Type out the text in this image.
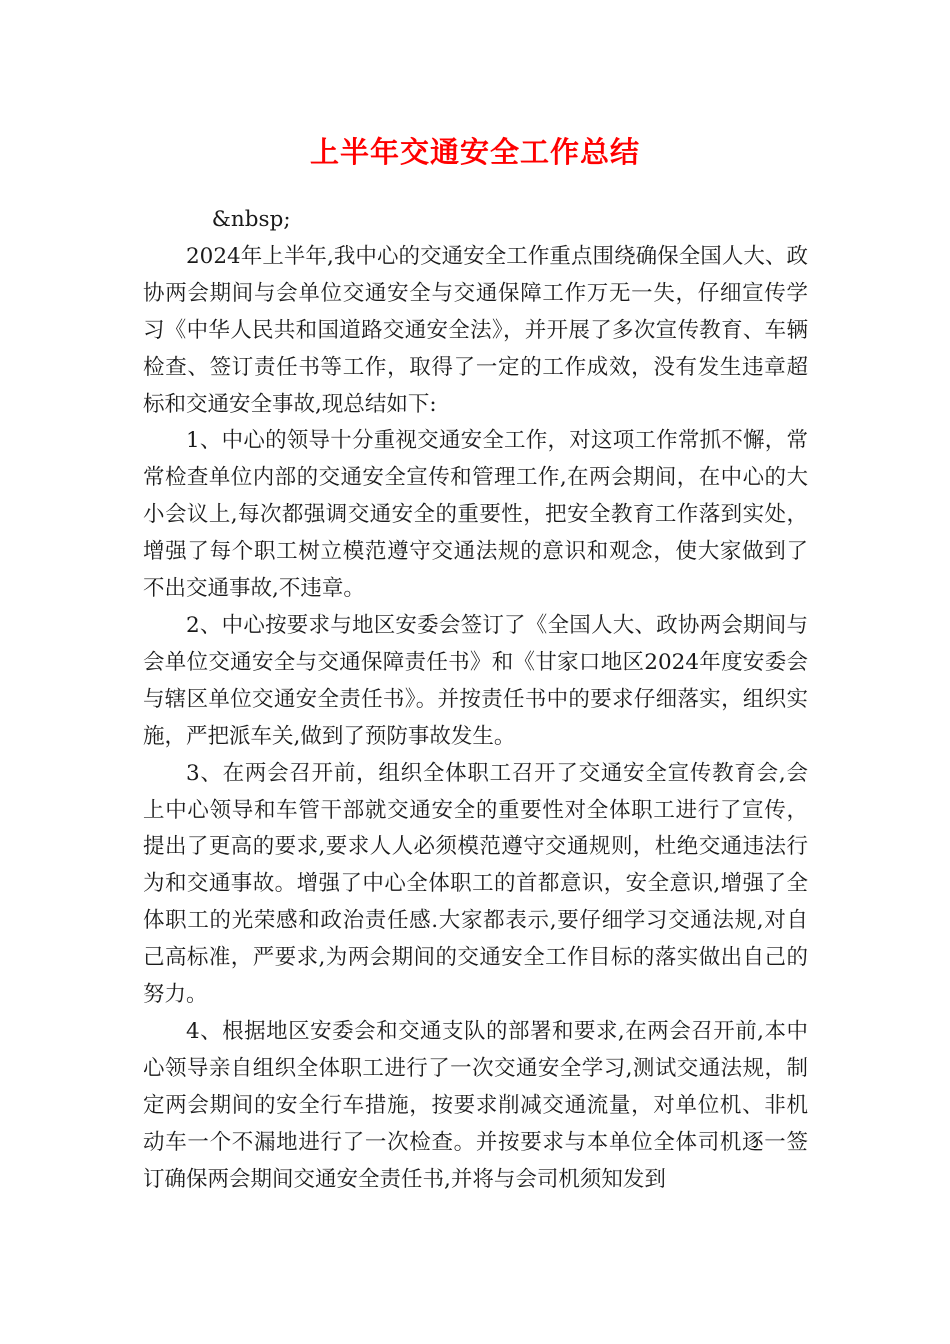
上半年交通安全工作总结

&nbsp;

2024年上半年,我中心的交通安全工作重点围绕确保全国人大、政协两会期间与会单位交通安全与交通保障工作万无一失，仔细宣传学习《中华人民共和国道路交通安全法》，并开展了多次宣传教育、车辆检查、签订责任书等工作，取得了一定的工作成效，没有发生违章超标和交通安全事故,现总结如下:

1、中心的领导十分重视交通安全工作，对这项工作常抓不懈，常常检查单位内部的交通安全宣传和管理工作,在两会期间，在中心的大小会议上,每次都强调交通安全的重要性，把安全教育工作落到实处，增强了每个职工树立模范遵守交通法规的意识和观念，使大家做到了不出交通事故,不违章。

2、中心按要求与地区安委会签订了《全国人大、政协两会期间与会单位交通安全与交通保障责任书》和《甘家口地区2024年度安委会与辖区单位交通安全责任书》。并按责任书中的要求仔细落实，组织实施，严把派车关,做到了预防事故发生。

3、在两会召开前，组织全体职工召开了交通安全宣传教育会,会上中心领导和车管干部就交通安全的重要性对全体职工进行了宣传，提出了更高的要求,要求人人必须模范遵守交通规则，杜绝交通违法行为和交通事故。增强了中心全体职工的首都意识，安全意识,增强了全体职工的光荣感和政治责任感.大家都表示,要仔细学习交通法规,对自己高标准，严要求,为两会期间的交通安全工作目标的落实做出自己的努力。

4、根据地区安委会和交通支队的部署和要求,在两会召开前,本中心领导亲自组织全体职工进行了一次交通安全学习,测试交通法规，制定两会期间的安全行车措施，按要求削减交通流量，对单位机、非机动车一个不漏地进行了一次检查。并按要求与本单位全体司机逐一签订确保两会期间交通安全责任书,并将与会司机须知发到
